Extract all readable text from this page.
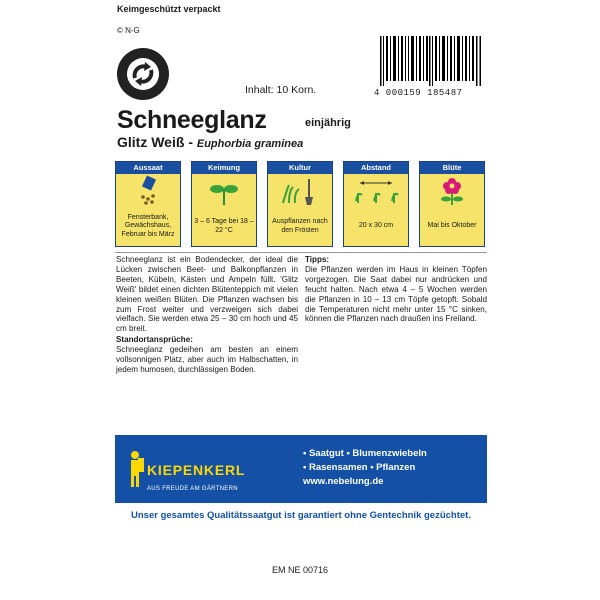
Keimgeschützt verpackt
© N-G
4 000159 185487
Inhalt: 10 Korn.
Schneeglanz	einjährig
Glitz Weiß - Euphorbia graminea
Aussaat
Fensterbank, Gewächshaus, Februar bis März
Keimung
3 – 6 Tage bei 18 – 22 °C
Kultur
Auspflanzen nach den Frösten
Abstand
20 x 30 cm
Blüte
Mai bis Oktober
Schneeglanz ist ein Bodendecker, der ideal die Lücken zwischen Beet- und Balkonpflanzen in Beeten, Kübeln, Kästen und Ampeln füllt. 'Glitz Weiß' bildet einen dichten Blütenteppich mit vielen kleinen weißen Blüten. Die Pflanzen wachsen bis zum Frost weiter und verzweigen sich dabei vielfach. Sie werden etwa 25 – 30 cm hoch und 45 cm breit.
Standortansprüche:
Schneeglanz gedeihen am besten an einem vollsonnigen Platz, aber auch im Halbschatten, in jedem humosen, durchlässigen Boden.
Tipps:
Die Pflanzen werden im Haus in kleinen Töpfen vorgezogen. Die Saat dabei nur andrücken und feucht halten. Nach etwa 4 – 5 Wochen werden die Pflanzen in 10 – 13 cm Töpfe getopft. Sobald die Temperaturen nicht mehr unter 15 °C sinken, können die Pflanzen nach draußen ins Freiland.
KIEPENKERL
AUS FREUDE AM GÄRTNERN
• Saatgut • Blumenzwiebeln
• Rasensamen • Pflanzen
www.nebelung.de
Unser gesamtes Qualitätssaatgut ist garantiert ohne Gentechnik gezüchtet.
EM NE 00716
